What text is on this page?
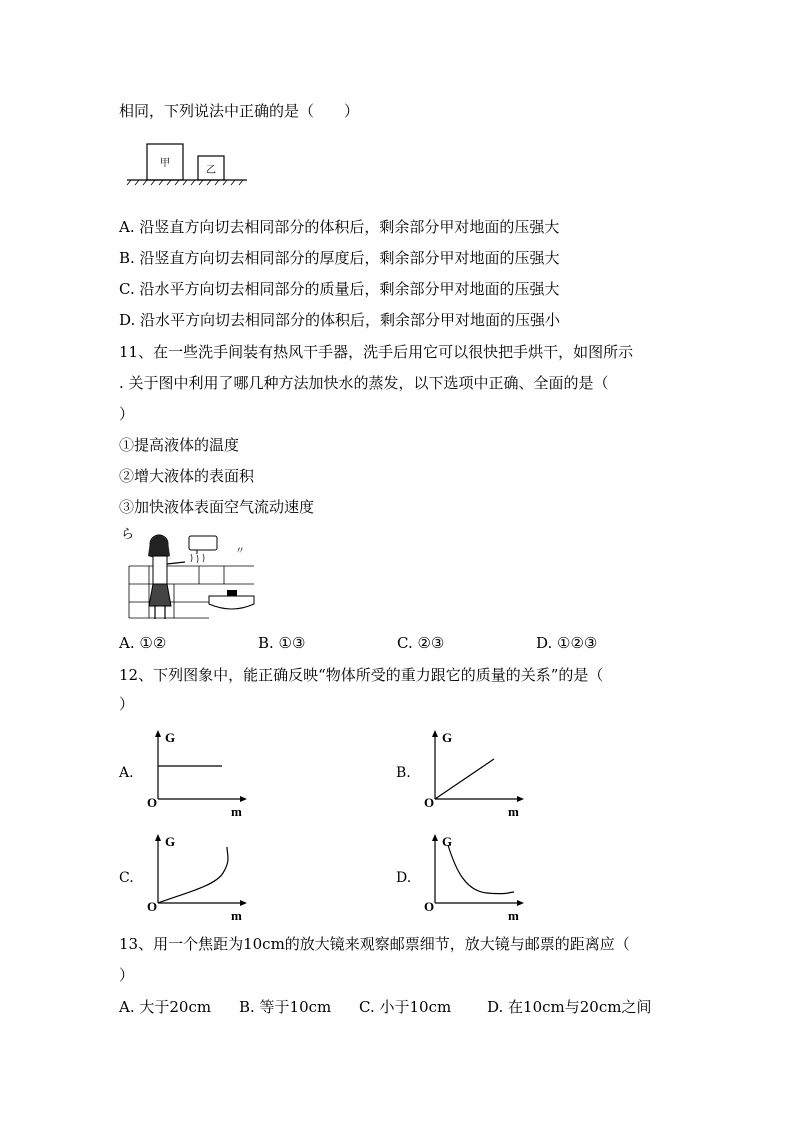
相同，下列说法中正确的是（　　）
甲
乙
A. 沿竖直方向切去相同部分的体积后，剩余部分甲对地面的压强大
B. 沿竖直方向切去相同部分的厚度后，剩余部分甲对地面的压强大
C. 沿水平方向切去相同部分的质量后，剩余部分甲对地面的压强大
D. 沿水平方向切去相同部分的体积后，剩余部分甲对地面的压强小
11、在一些洗手间装有热风干手器，洗手后用它可以很快把手烘干，如图所示
. 关于图中利用了哪几种方法加快水的蒸发，以下选项中正确、全面的是（
）
①提高液体的温度
②增大液体的表面积
③加快液体表面空气流动速度
〃
ら
A. ①②	B. ①③	C. ②③	D. ①②③
12、下列图象中，能正确反映“物体所受的重力跟它的质量的关系”的是（
）
A.
G
O
m
B.
G
O
m
C.
G
O
m
D.
G
O
m
13、用一个焦距为10cm的放大镜来观察邮票细节，放大镜与邮票的距离应（
）
A. 大于20cm B. 等于10cm C. 小于10cm D. 在10cm与20cm之间
